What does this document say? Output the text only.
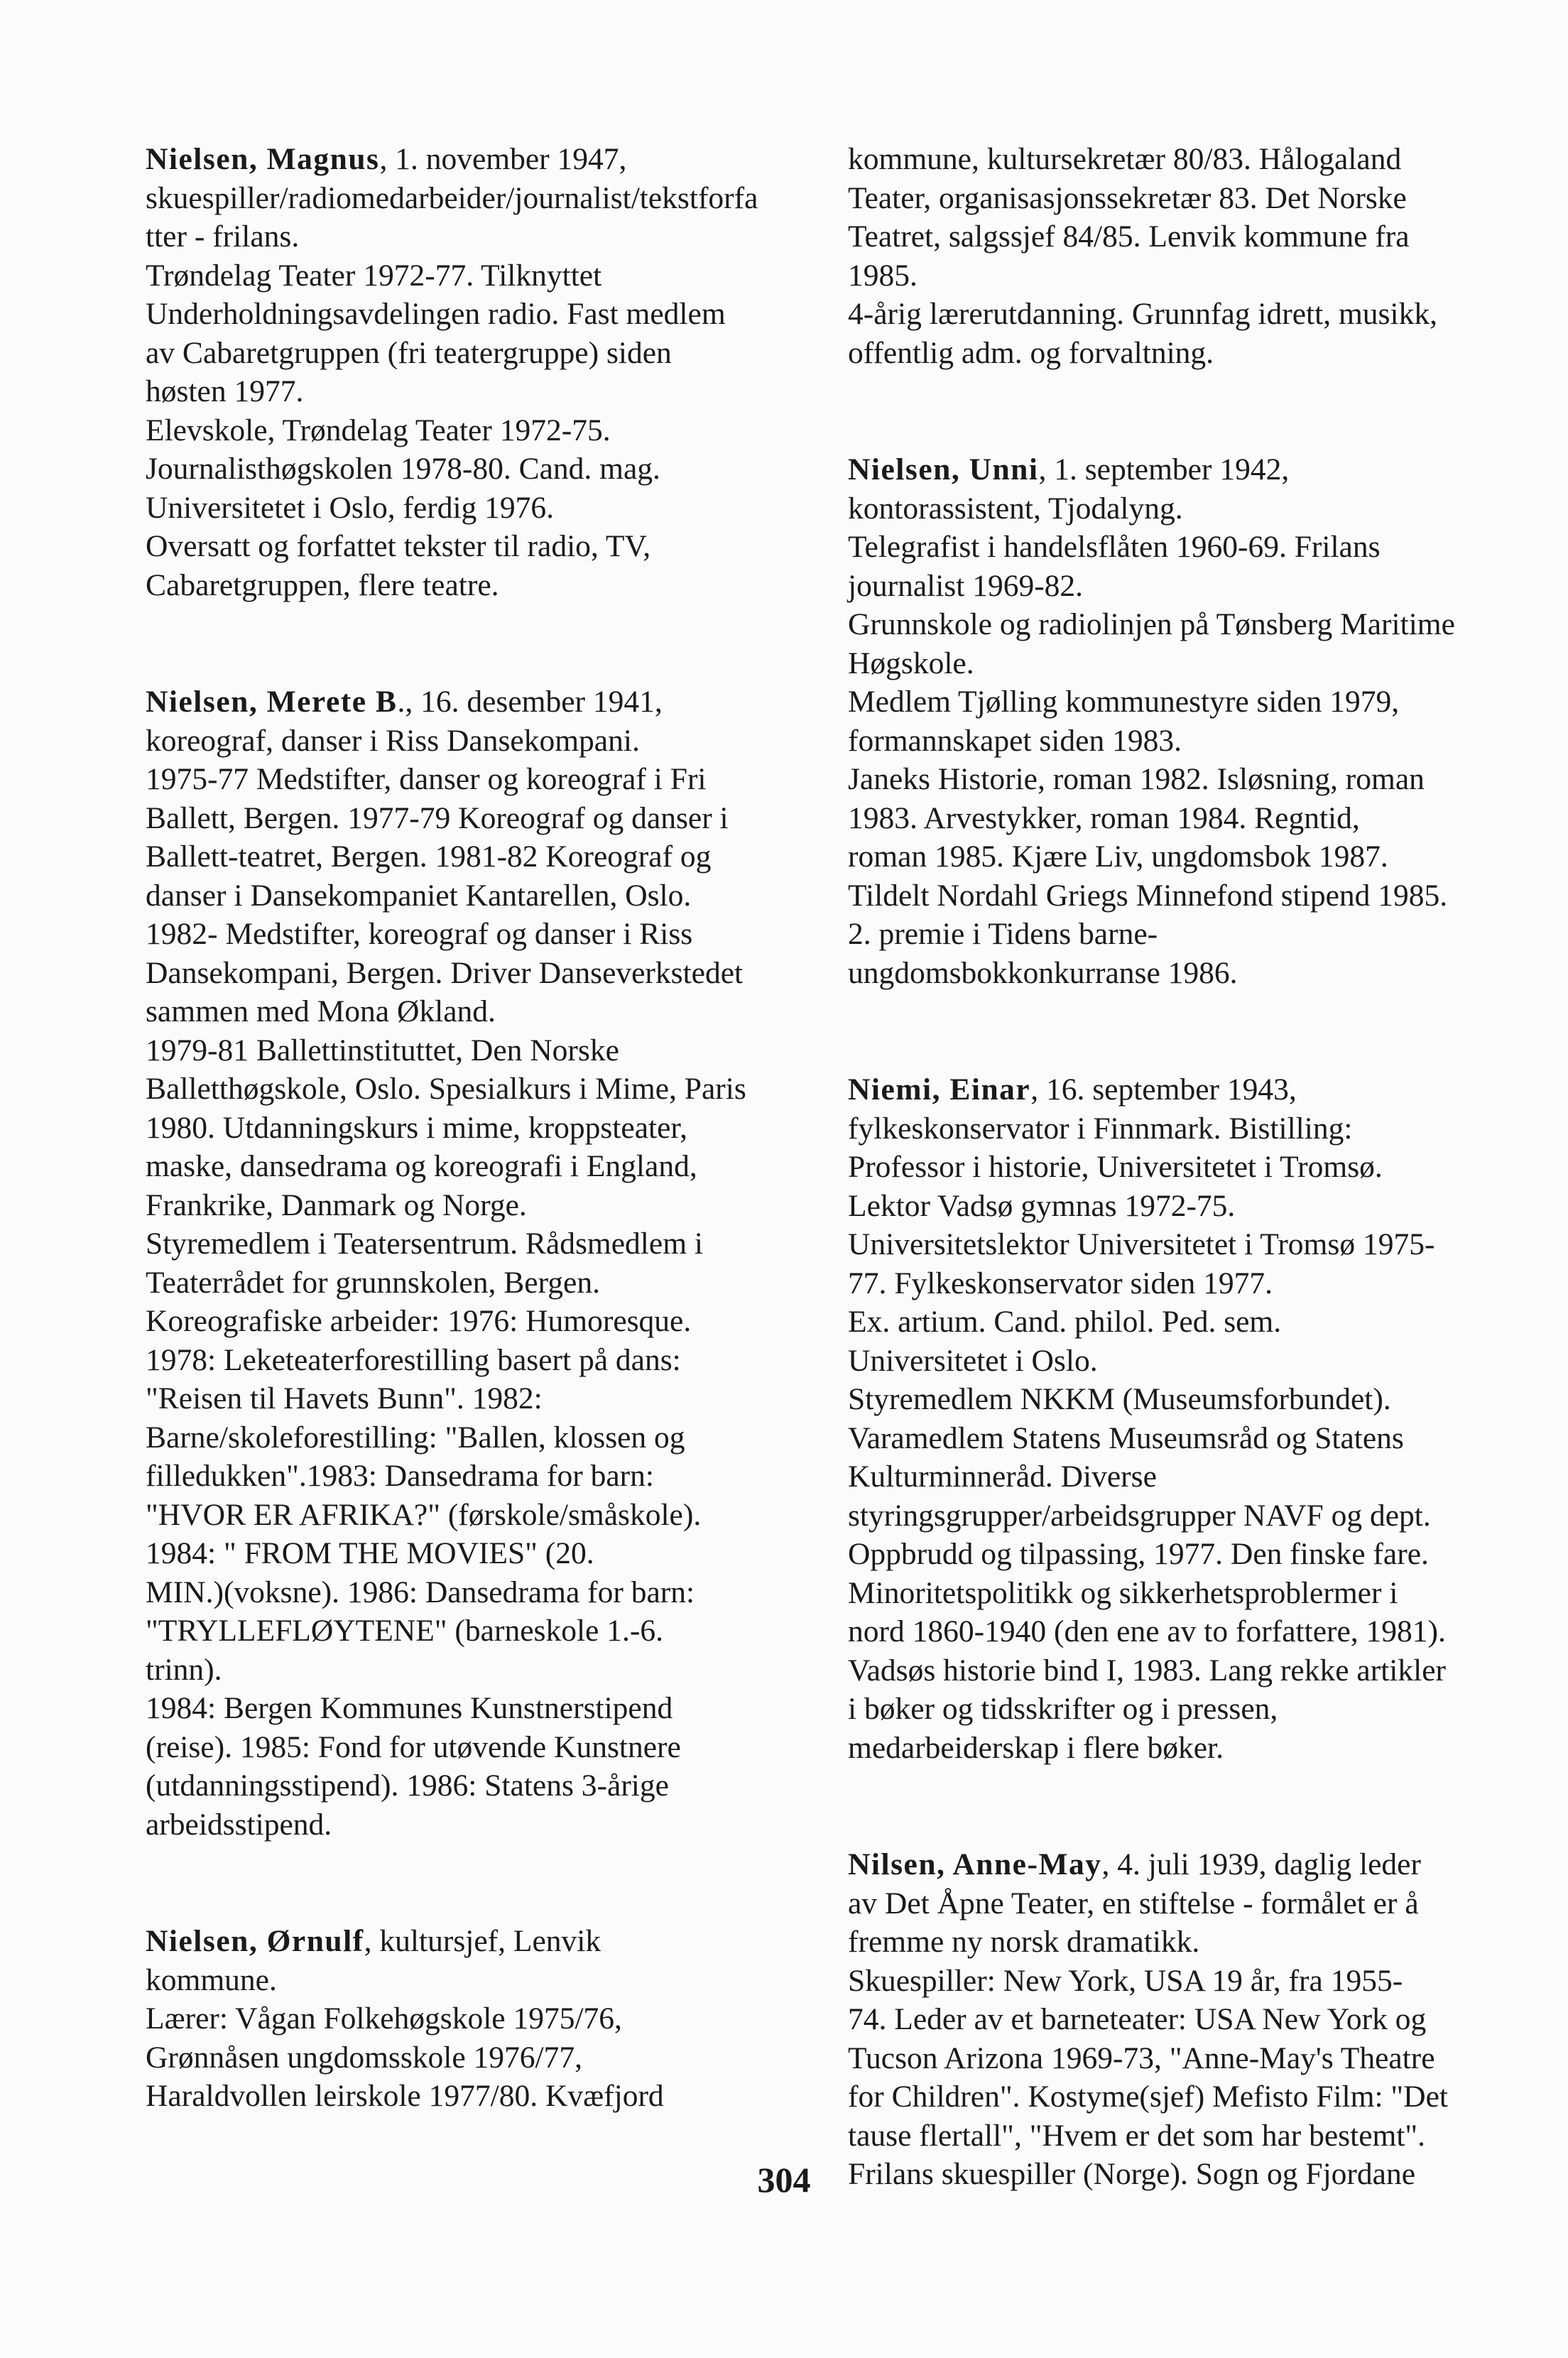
Nielsen, Magnus, 1. november 1947,

skuespiller/radiomedarbeider/journalist/tekstforfa

tter - frilans.

Trøndelag Teater 1972-77. Tilknyttet

Underholdningsavdelingen radio. Fast medlem

av Cabaretgruppen (fri teatergruppe) siden

høsten 1977.

Elevskole, Trøndelag Teater 1972-75.

Journalisthøgskolen 1978-80. Cand. mag.

Universitetet i Oslo, ferdig 1976.

Oversatt og forfattet tekster til radio, TV,

Cabaretgruppen, flere teatre.

Nielsen, Merete B., 16. desember 1941,

koreograf, danser i Riss Dansekompani.

1975-77 Medstifter, danser og koreograf i Fri

Ballett, Bergen. 1977-79 Koreograf og danser i

Ballett-teatret, Bergen. 1981-82 Koreograf og

danser i Dansekompaniet Kantarellen, Oslo.

1982- Medstifter, koreograf og danser i Riss

Dansekompani, Bergen. Driver Danseverkstedet

sammen med Mona Økland.

1979-81 Ballettinstituttet, Den Norske

Balletthøgskole, Oslo. Spesialkurs i Mime, Paris

1980. Utdanningskurs i mime, kroppsteater,

maske, dansedrama og koreografi i England,

Frankrike, Danmark og Norge.

Styremedlem i Teatersentrum. Rådsmedlem i

Teaterrådet for grunnskolen, Bergen.

Koreografiske arbeider: 1976: Humoresque.

1978: Leketeaterforestilling basert på dans:

"Reisen til Havets Bunn". 1982:

Barne/skoleforestilling: "Ballen, klossen og

filledukken".1983: Dansedrama for barn:

"HVOR ER AFRIKA?" (førskole/småskole).

1984: " FROM THE MOVIES" (20.

MIN.)(voksne). 1986: Dansedrama for barn:

"TRYLLEFLØYTENE" (barneskole 1.-6.

trinn).

1984: Bergen Kommunes Kunstnerstipend

(reise). 1985: Fond for utøvende Kunstnere

(utdanningsstipend). 1986: Statens 3-årige

arbeidsstipend.

Nielsen, Ørnulf, kultursjef, Lenvik

kommune.

Lærer: Vågan Folkehøgskole 1975/76,

Grønnåsen ungdomsskole 1976/77,

Haraldvollen leirskole 1977/80. Kvæfjord

kommune, kultursekretær 80/83. Hålogaland

Teater, organisasjonssekretær 83. Det Norske

Teatret, salgssjef 84/85. Lenvik kommune fra

1985.

4-årig lærerutdanning. Grunnfag idrett, musikk,

offentlig adm. og forvaltning.

Nielsen, Unni, 1. september 1942,

kontorassistent, Tjodalyng.

Telegrafist i handelsflåten 1960-69. Frilans

journalist 1969-82.

Grunnskole og radiolinjen på Tønsberg Maritime

Høgskole.

Medlem Tjølling kommunestyre siden 1979,

formannskapet siden 1983.

Janeks Historie, roman 1982. Isløsning, roman

1983. Arvestykker, roman 1984. Regntid,

roman 1985. Kjære Liv, ungdomsbok 1987.

Tildelt Nordahl Griegs Minnefond stipend 1985.

2. premie i Tidens barne-

ungdomsbokkonkurranse 1986.

Niemi, Einar, 16. september 1943,

fylkeskonservator i Finnmark. Bistilling:

Professor i historie, Universitetet i Tromsø.

Lektor Vadsø gymnas 1972-75.

Universitetslektor Universitetet i Tromsø 1975-

77. Fylkeskonservator siden 1977.

Ex. artium. Cand. philol. Ped. sem.

Universitetet i Oslo.

Styremedlem NKKM (Museumsforbundet).

Varamedlem Statens Museumsråd og Statens

Kulturminneråd. Diverse

styringsgrupper/arbeidsgrupper NAVF og dept.

Oppbrudd og tilpassing, 1977. Den finske fare.

Minoritetspolitikk og sikkerhetsproblermer i

nord 1860-1940 (den ene av to forfattere, 1981).

Vadsøs historie bind I, 1983. Lang rekke artikler

i bøker og tidsskrifter og i pressen,

medarbeiderskap i flere bøker.

Nilsen, Anne-May, 4. juli 1939, daglig leder

av Det Åpne Teater, en stiftelse - formålet er å

fremme ny norsk dramatikk.

Skuespiller: New York, USA 19 år, fra 1955-

74. Leder av et barneteater: USA New York og

Tucson Arizona 1969-73, "Anne-May's Theatre

for Children". Kostyme(sjef) Mefisto Film: "Det

tause flertall", "Hvem er det som har bestemt".

Frilans skuespiller (Norge). Sogn og Fjordane

304
